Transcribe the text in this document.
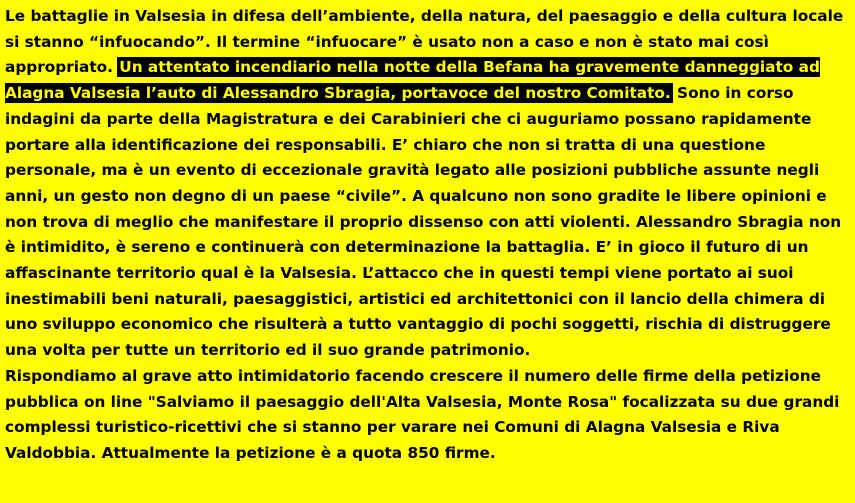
Le battaglie in Valsesia in difesa dell’ambiente, della natura, del paesaggio e della cultura locale si stanno “infuocando”. Il termine “infuocare” è usato non a caso e non è stato mai così appropriato. Un attentato incendiario nella notte della Befana ha gravemente danneggiato ad Alagna Valsesia l’auto di Alessandro Sbragia, portavoce del nostro Comitato. Sono in corso indagini da parte della Magistratura e dei Carabinieri che ci auguriamo possano rapidamente portare alla identificazione dei responsabili. E’ chiaro che non si tratta di una questione personale, ma è un evento di eccezionale gravità legato alle posizioni pubbliche assunte negli anni, un gesto non degno di un paese “civile”. A qualcuno non sono gradite le libere opinioni e non trova di meglio che manifestare il proprio dissenso con atti violenti. Alessandro Sbragia non è intimidito, è sereno e continuerà con determinazione la battaglia. E’ in gioco il futuro di un affascinante territorio qual è la Valsesia. L’attacco che in questi tempi viene portato ai suoi inestimabili beni naturali, paesaggistici, artistici ed architettonici con il lancio della chimera di uno sviluppo economico che risulterà a tutto vantaggio di pochi soggetti, rischia di distruggere una volta per tutte un territorio ed il suo grande patrimonio.
Rispondiamo al grave atto intimidatorio facendo crescere il numero delle firme della petizione pubblica on line "Salviamo il paesaggio dell'Alta Valsesia, Monte Rosa" focalizzata su due grandi complessi turistico-ricettivi che si stanno per varare nei Comuni di Alagna Valsesia e Riva Valdobbia. Attualmente la petizione è a quota 850 firme.
